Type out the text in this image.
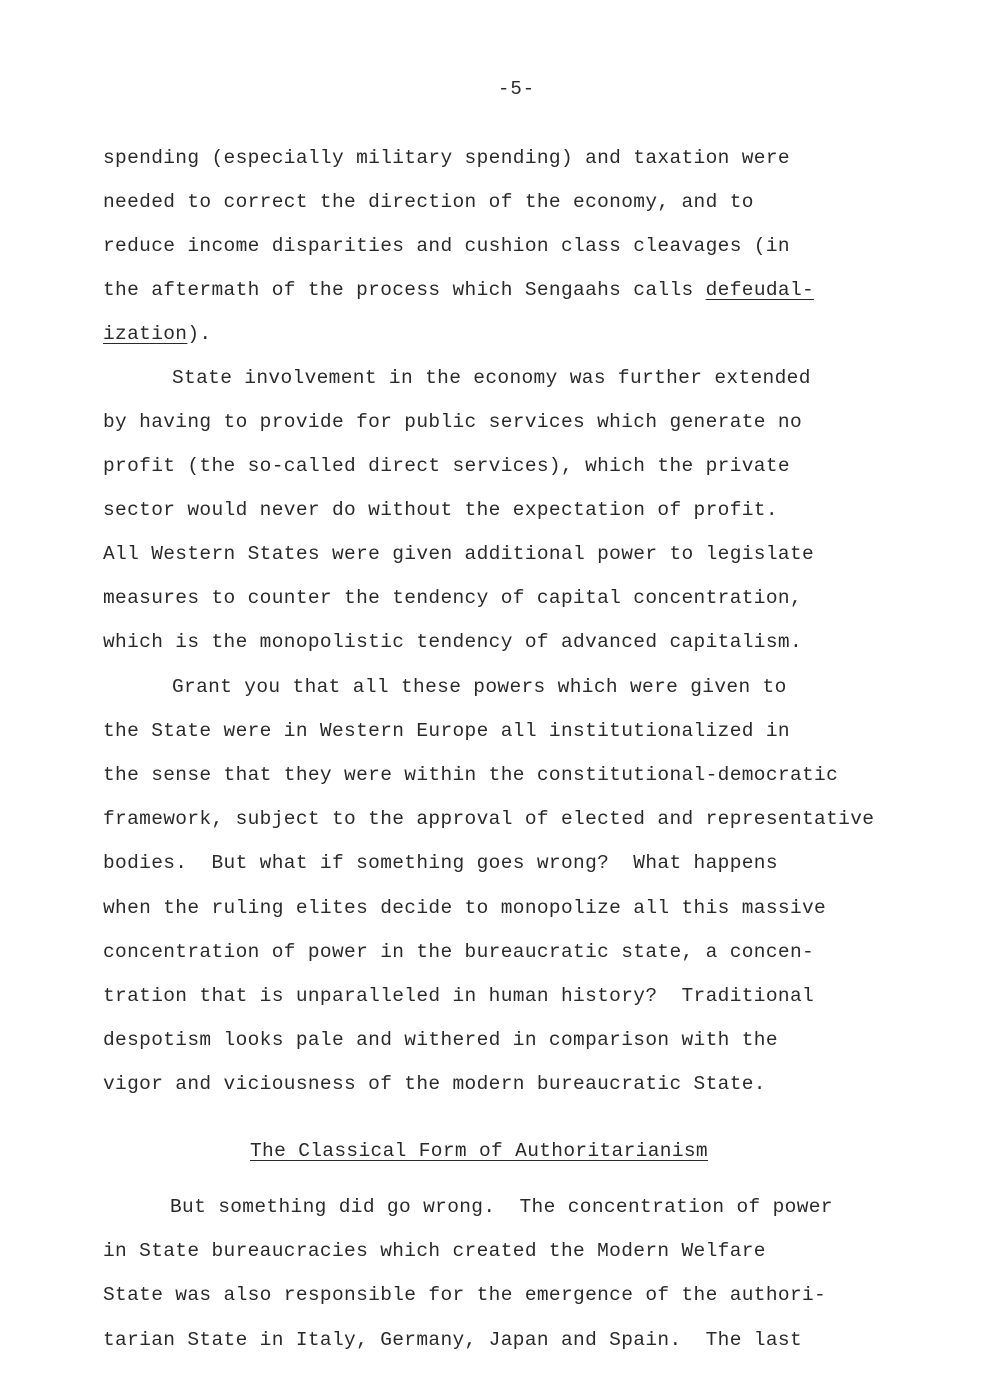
-5-
spending (especially military spending) and taxation were
needed to correct the direction of the economy, and to
reduce income disparities and cushion class cleavages (in
the aftermath of the process which Sengaahs calls defeudal-
ization).
State involvement in the economy was further extended
by having to provide for public services which generate no
profit (the so-called direct services), which the private
sector would never do without the expectation of profit.
All Western States were given additional power to legislate
measures to counter the tendency of capital concentration,
which is the monopolistic tendency of advanced capitalism.
Grant you that all these powers which were given to
the State were in Western Europe all institutionalized in
the sense that they were within the constitutional-democratic
framework, subject to the approval of elected and representative
bodies.  But what if something goes wrong?  What happens
when the ruling elites decide to monopolize all this massive
concentration of power in the bureaucratic state, a concen-
tration that is unparalleled in human history?  Traditional
despotism looks pale and withered in comparison with the
vigor and viciousness of the modern bureaucratic State.
The Classical Form of Authoritarianism
But something did go wrong.  The concentration of power
in State bureaucracies which created the Modern Welfare
State was also responsible for the emergence of the authori-
tarian State in Italy, Germany, Japan and Spain.  The last
